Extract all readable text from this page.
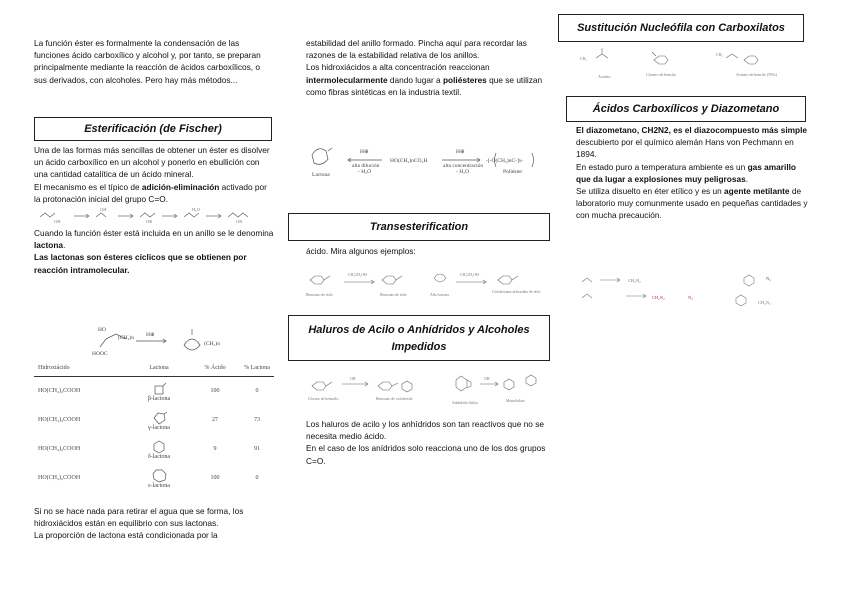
La función éster es formalmente la condensación de las funciones ácido carboxílico y alcohol y, por tanto, se preparan principalmente mediante la reacción de ácidos carboxílicos, o sus derivados, con alcoholes. Pero hay más métodos...

Esterificación (de Fischer)

Una de las formas más sencillas de obtener un éster es disolver un ácido carboxílico en un alcohol y ponerlo en ebullición con una cantidad catalítica de un ácido mineral.

El mecanismo es el típico de adición-eliminación activado por la protonación inicial del grupo C=O.

OH
OH
OR
H₂O
OR

Cuando la función éster está incluida en un anillo se le denomina lactona.

Las lactonas son ésteres cíclicos que se obtienen por reacción intramolecular.

HO
(CH₂)n
HOOC
H⊕
(CH₂)n
Hidroxiácido	Lactona	% Ácido	% Lactona

HO(CH₂)₂COOH	β-lactona	100	0
HO(CH₂)₃COOH	γ-lactona	27	73
HO(CH₂)₄COOH	δ-lactona	9	91
HO(CH₂)₅COOH	ε-lactona	100	0

Si no se hace nada para retirar el agua que se forma, los hidroxiácidos están en equilibrio con sus lactonas.

La proporción de lactona está condicionada por la

estabilidad del anillo formado. Pincha aquí para recordar las razones de la estabilidad relativa de los anillos.

Los hidroxiácidos a alta concentración reaccionan intermolecularmente dando lugar a poliésteres que se utilizan como fibras sintéticas en la industria textil.

Lactona
H⊕
alta dilución
- H₂O
HO(CH₂)nCO₂H
H⊕
alta concentración
- H₂O
-[-O(CH₂)nC-]x-
Poliéster
Transesterification

ácido. Mira algunos ejemplos:

Benzoato de etilo	Benzoato de etilo	Alfa-lactona
Ciclohexanocarboxilato de etilo
CH₃CH₂OH	CH₃CH₂OH
Haluros de Acilo o Anhídridos y Alcoholes Impedidos
Cloruro de benzoílo	Benzoato de ciclohexilo
Anhídrido ftálico	Monoftalato
OH	OH

Los haluros de acilo y los anhídridos son tan reactivos que no se necesita medio ácido.

En el caso de los anídridos solo reacciona uno de los dos grupos C=O.

Sustitución Nucleófila con Carboxilatos
CH₃
Acetato	Cloruro de bencilo	Acetato de bencilo (95%)
CH₃
Ácidos Carboxílicos y Diazometano

El diazometano, CH2N2, es el diazocompuesto más simple descubierto por el químico alemán Hans von Pechmann en 1894.

En estado puro a temperatura ambiente es un gas amarillo que da lugar a explosiones muy peligrosas.

Se utiliza disuelto en éter etílico y es un agente metilante de laboratorio muy comunmente usado en pequeñas cantidades y con mucha precaución.

CH₂N₂
CH₂N₂	N₂
N₂
CH₂N₂
